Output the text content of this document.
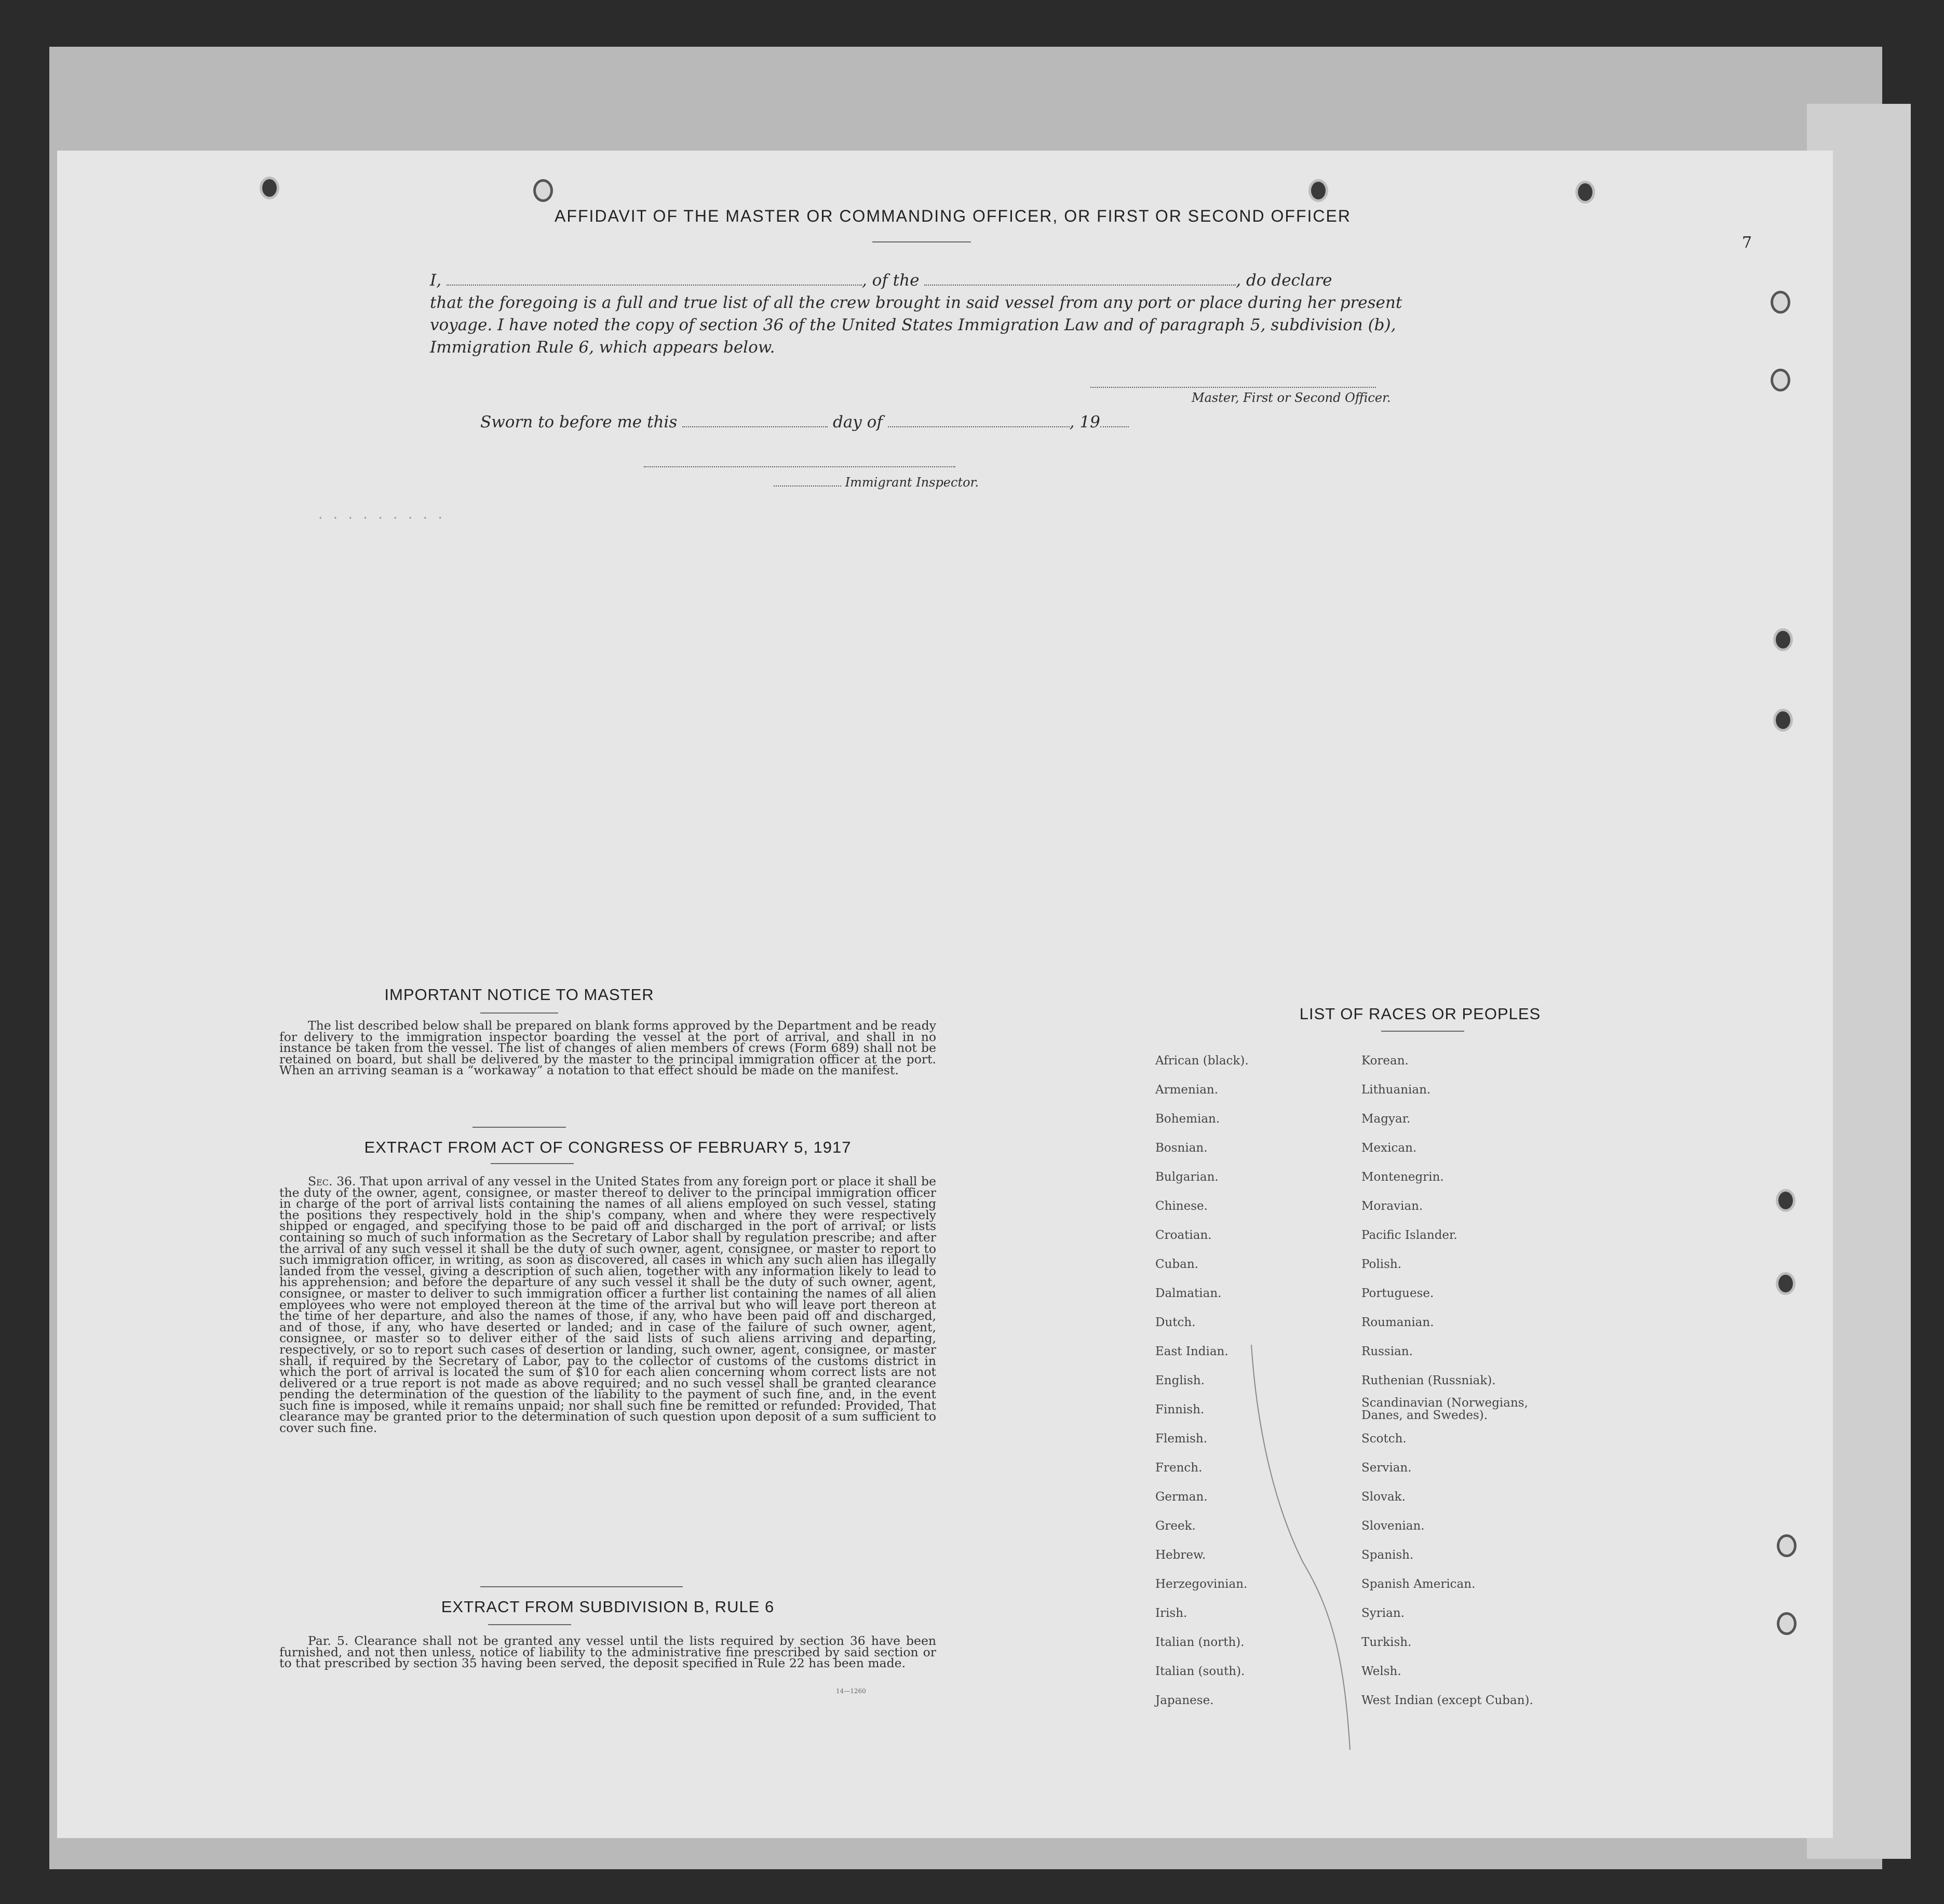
7
. . . . . . . . .
AFFIDAVIT OF THE MASTER OR COMMANDING OFFICER, OR FIRST OR SECOND OFFICER
I,	, of the	, do declare
that the foregoing is a full and true list of all the crew brought in said vessel from any port or place during her present
voyage. I have noted the copy of section 36 of the United States Immigration Law and of paragraph 5, subdivision (b),
Immigration Rule 6, which appears below.
Master, First or Second Officer.
Sworn to before me this	day of	, 19
Immigrant Inspector.
IMPORTANT NOTICE TO MASTER

The list described below shall be prepared on blank forms approved by the Department and be ready for delivery to the immigration inspector boarding the vessel at the port of arrival, and shall in no instance be taken from the vessel. The list of changes of alien members of crews (Form 689) shall not be retained on board, but shall be delivered by the master to the principal immigration officer at the port. When an arriving seaman is a “workaway” a notation to that effect should be made on the manifest.

EXTRACT FROM ACT OF CONGRESS OF FEBRUARY 5, 1917

Sec. 36. That upon arrival of any vessel in the United States from any foreign port or place it shall be the duty of the owner, agent, consignee, or master thereof to deliver to the principal immigration officer in charge of the port of arrival lists containing the names of all aliens employed on such vessel, stating the positions they respectively hold in the ship's company, when and where they were respectively shipped or engaged, and specifying those to be paid off and discharged in the port of arrival; or lists containing so much of such information as the Secretary of Labor shall by regulation prescribe; and after the arrival of any such vessel it shall be the duty of such owner, agent, consignee, or master to report to such immigration officer, in writing, as soon as discovered, all cases in which any such alien has illegally landed from the vessel, giving a description of such alien, together with any information likely to lead to his apprehension; and before the departure of any such vessel it shall be the duty of such owner, agent, consignee, or master to deliver to such immigration officer a further list containing the names of all alien employees who were not employed thereon at the time of the arrival but who will leave port thereon at the time of her departure, and also the names of those, if any, who have been paid off and discharged, and of those, if any, who have deserted or landed; and in case of the failure of such owner, agent, consignee, or master so to deliver either of the said lists of such aliens arriving and departing, respectively, or so to report such cases of desertion or landing, such owner, agent, consignee, or master shall, if required by the Secretary of Labor, pay to the collector of customs of the customs district in which the port of arrival is located the sum of $10 for each alien concerning whom correct lists are not delivered or a true report is not made as above required; and no such vessel shall be granted clearance pending the determination of the question of the liability to the payment of such fine, and, in the event such fine is imposed, while it remains unpaid; nor shall such fine be remitted or refunded: Provided, That clearance may be granted prior to the determination of such question upon deposit of a sum sufficient to cover such fine.

EXTRACT FROM SUBDIVISION B, RULE 6

Par. 5. Clearance shall not be granted any vessel until the lists required by section 36 have been furnished, and not then unless, notice of liability to the administrative fine prescribed by said section or to that prescribed by section 35 having been served, the deposit specified in Rule 22 has been made.

14—1260
LIST OF RACES OR PEOPLES
African (black).
Armenian.
Bohemian.
Bosnian.
Bulgarian.
Chinese.
Croatian.
Cuban.
Dalmatian.
Dutch.
East Indian.
English.
Finnish.
Flemish.
French.
German.
Greek.
Hebrew.
Herzegovinian.
Irish.
Italian (north).
Italian (south).
Japanese.
Korean.
Lithuanian.
Magyar.
Mexican.
Montenegrin.
Moravian.
Pacific Islander.
Polish.
Portuguese.
Roumanian.
Russian.
Ruthenian (Russniak).
Scandinavian (Norwegians, Danes, and Swedes).
Scotch.
Servian.
Slovak.
Slovenian.
Spanish.
Spanish American.
Syrian.
Turkish.
Welsh.
West Indian (except Cuban).
